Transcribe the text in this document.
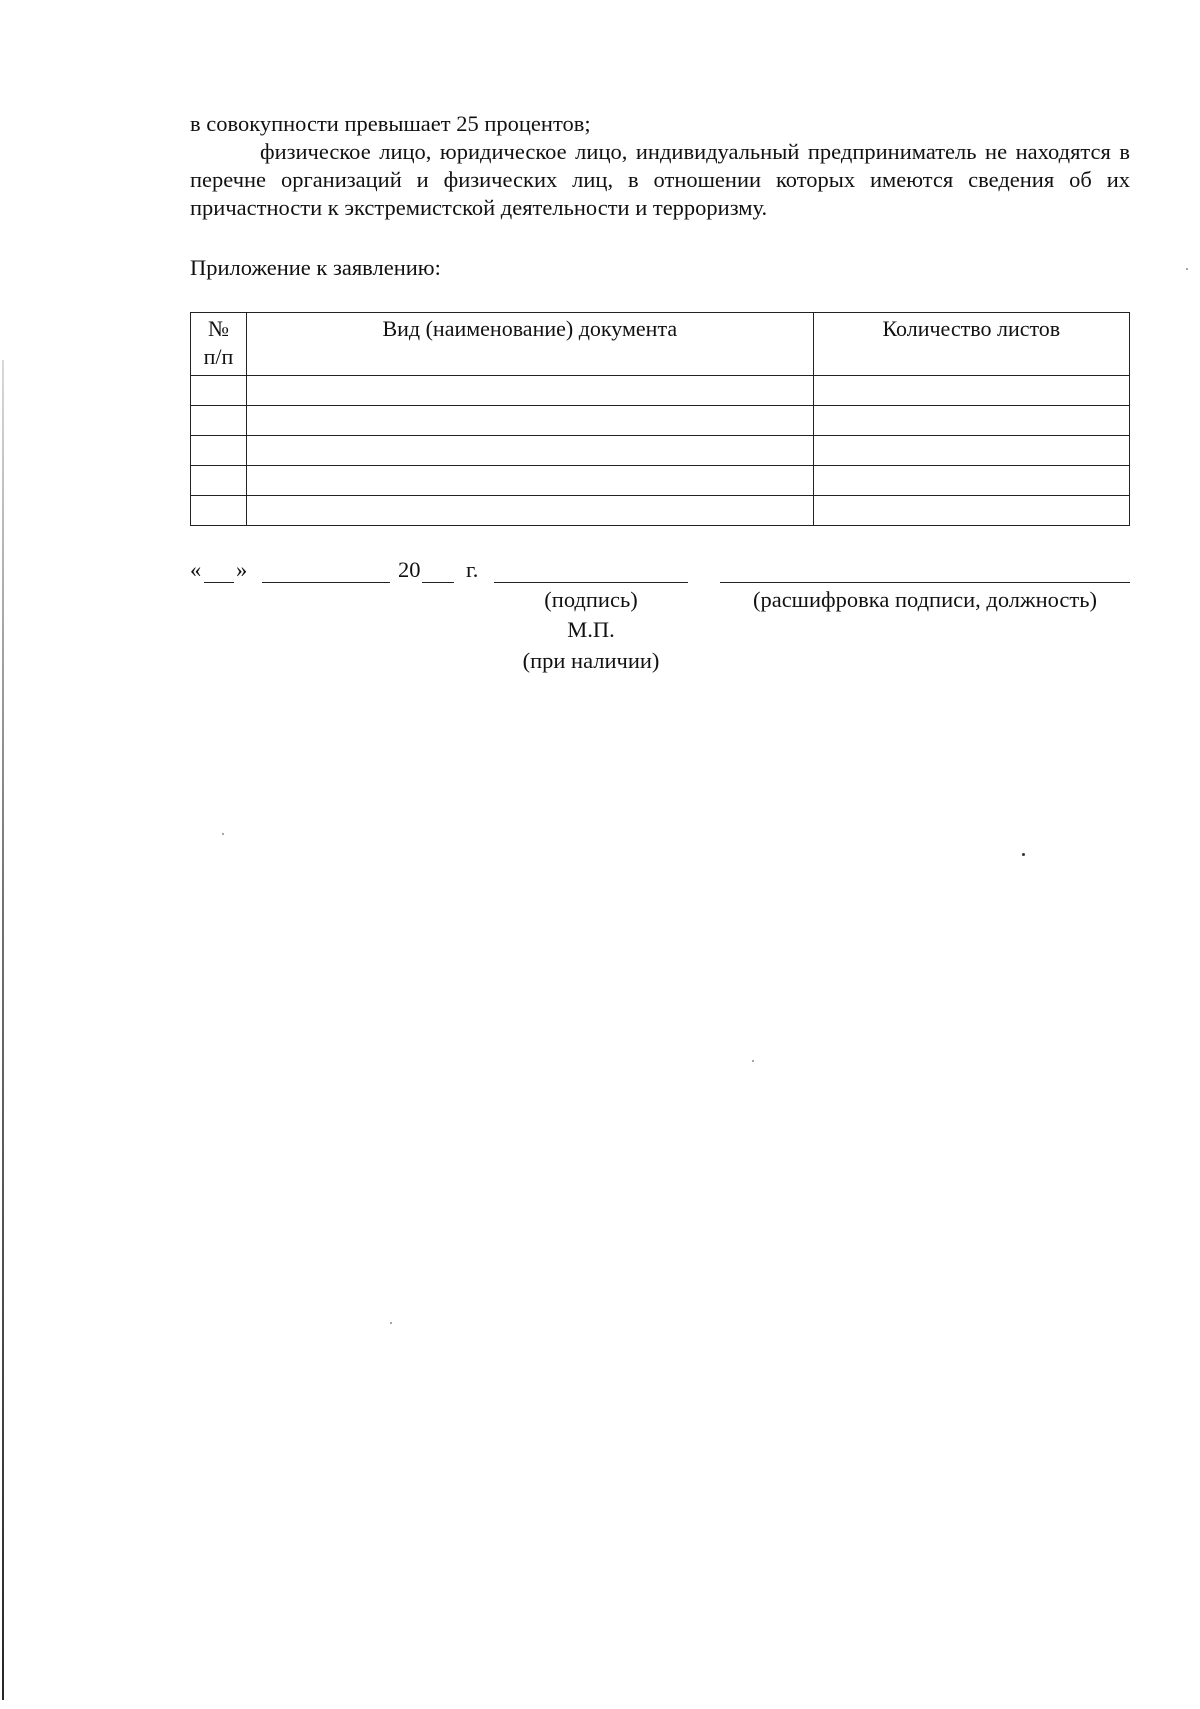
в совокупности превышает 25 процентов;
физическое лицо, юридическое лицо, индивидуальный предприниматель не находятся в перечне организаций и физических лиц, в отношении которых имеются сведения об их причастности к экстремистской деятельности и терроризму.
Приложение к заявлению:
№ п/п	Вид (наименование) документа	Количество листов

« »	20 г.
(подпись)	(расшифровка подписи, должность)
М.П.
(при наличии)
